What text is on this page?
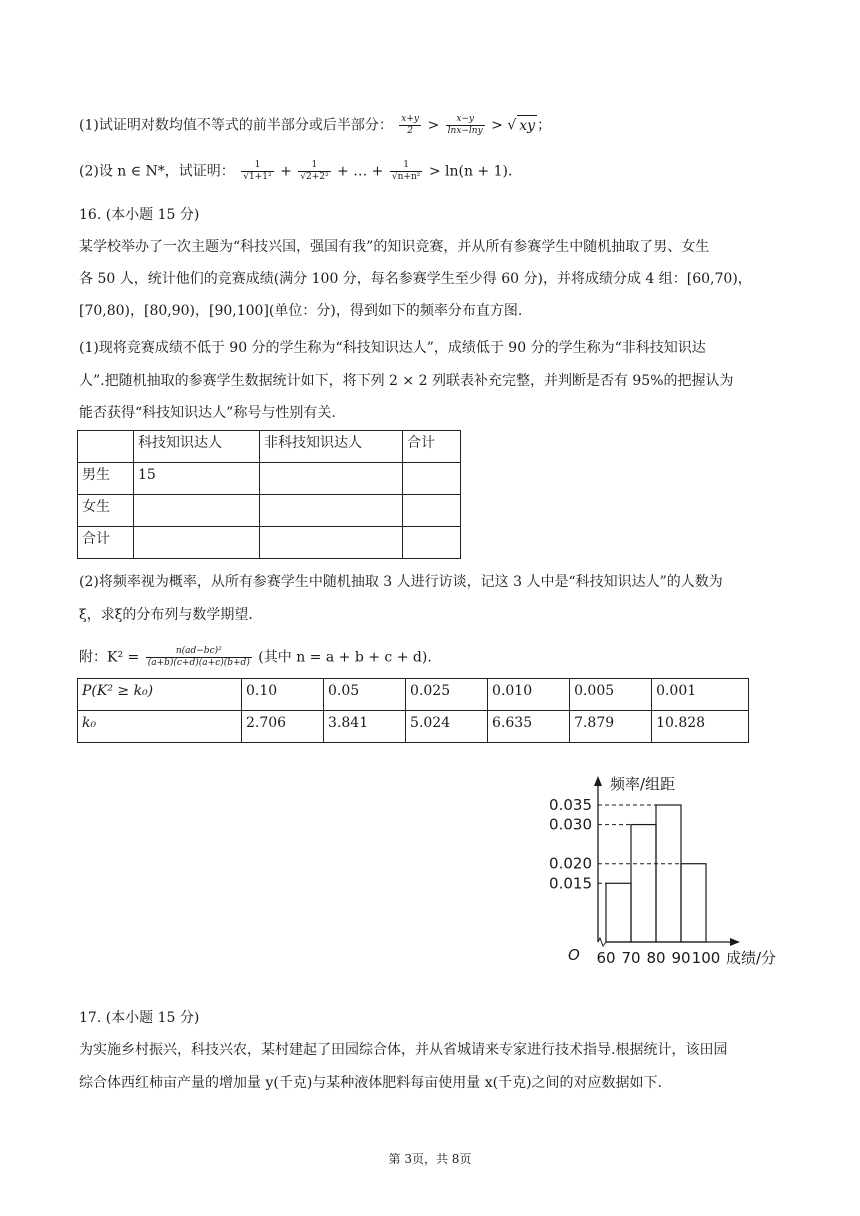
(1)试证明对数均值不等式的前半部分或后半部分： $\frac{x+y}{2} > \frac{x-y}{\ln x-\ln y}$ > √ xy ；
(2)设 n ∈ N*，试证明： $\frac{1}{\text{√1+1²}} + \frac{1}{\text{√2+2²}}$ + … + $\frac{1}{\text{√n+n²}} > \ln(n + 1)$.
16. (本小题 15 分)
某学校举办了一次主题为“科技兴国，强国有我”的知识竞赛，并从所有参赛学生中随机抽取了男、女生
各 50 人，统计他们的竞赛成绩(满分 100 分，每名参赛学生至少得 60 分)，并将成绩分成 4 组：[60,70)，
[70,80)，[80,90)，[90,100](单位：分)，得到如下的频率分布直方图.
(1)现将竞赛成绩不低于 90 分的学生称为“科技知识达人”，成绩低于 90 分的学生称为“非科技知识达
人”.把随机抽取的参赛学生数据统计如下，将下列 2 × 2 列联表补充完整，并判断是否有 95%的把握认为
能否获得“科技知识达人”称号与性别有关.
	科技知识达人	非科技知识达人	合计
男生	15		
女生			
合计			
(2)将频率视为概率，从所有参赛学生中随机抽取 3 人进行访谈，记这 3 人中是“科技知识达人”的人数为
ξ，求ξ的分布列与数学期望.
附：$K^2 = \frac{\text{n(ad−bc)²}}{(a+b)(c+d)(a+c)(b+d)}$ (其中 n = a + b + c + d).
P(K² ≥ k₀)	0.10	0.05	0.025	0.010	0.005	0.001
k₀	2.706	3.841	5.024	6.635	7.879	10.828
频率/组距
成绩/分
O 60 70 80 90 100
0.015
0.020
0.030
0.035
17. (本小题 15 分)
为实施乡村振兴，科技兴农，某村建起了田园综合体，并从省城请来专家进行技术指导.根据统计，该田园
综合体西红柿亩产量的增加量 y(千克)与某种液体肥料每亩使用量 x(千克)之间的对应数据如下.
第 3页，共 8页
